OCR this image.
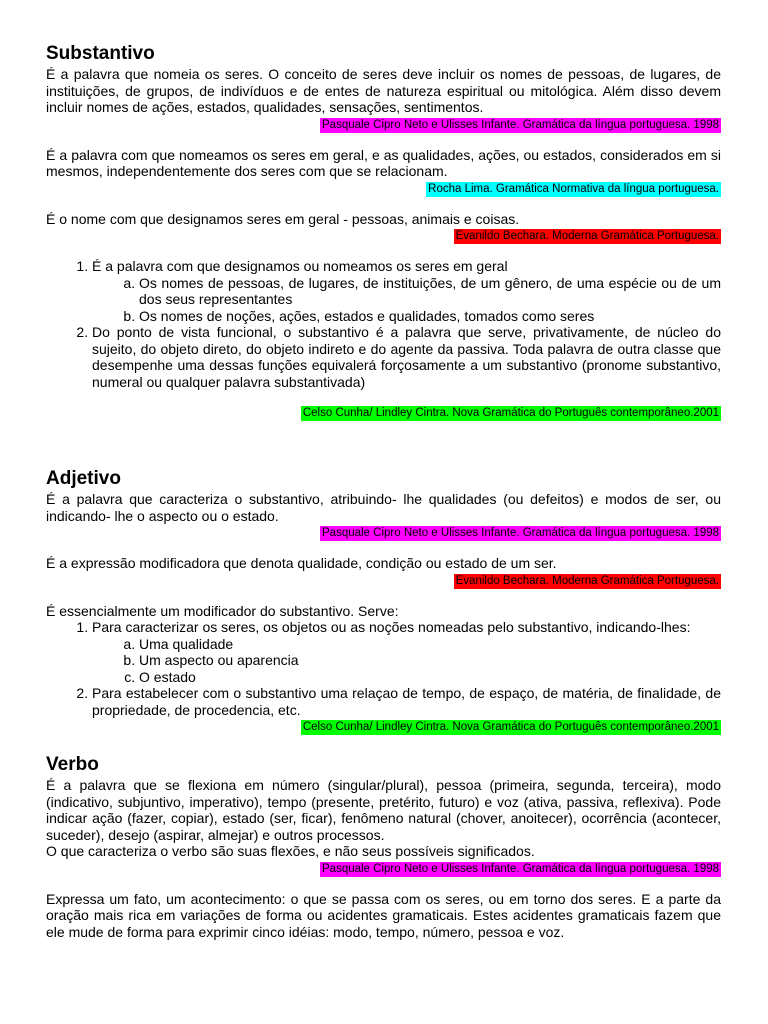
Substantivo

É a palavra que nomeia os seres. O conceito de seres deve incluir os nomes de pessoas, de lugares, de instituições, de grupos, de indivíduos e de entes de natureza espiritual ou mitológica. Além disso devem incluir nomes de ações, estados, qualidades, sensações, sentimentos.

Pasquale Cipro Neto e Ulisses Infante. Gramática da língua portuguesa. 1998

É a palavra com que nomeamos os seres em geral, e as qualidades, ações, ou estados, considerados em si mesmos, independentemente dos seres com que se relacionam.

Rocha Lima. Gramática Normativa da língua portuguesa.

É o nome com que designamos seres em geral - pessoas, animais e coisas.

Evanildo Bechara. Moderna Gramática Portuguesa.
1. É a palavra com que designamos ou nomeamos os seres em geral
a. Os nomes de pessoas, de lugares, de instituições, de um gênero, de uma espécie ou de um dos seus representantes
b. Os nomes de noções, ações, estados e qualidades, tomados como seres
2. Do ponto de vista funcional, o substantivo é a palavra que serve, privativamente, de núcleo do sujeito, do objeto direto, do objeto indireto e do agente da passiva. Toda palavra de outra classe que desempenhe uma dessas funções equivalerá forçosamente a um substantivo (pronome substantivo, numeral ou qualquer palavra substantivada)
Celso Cunha/ Lindley Cintra. Nova Gramática do Português contemporâneo.2001
Adjetivo

É a palavra que caracteriza o substantivo, atribuindo- lhe qualidades (ou defeitos) e modos de ser, ou indicando- lhe o aspecto ou o estado.

Pasquale Cipro Neto e Ulisses Infante. Gramática da língua portuguesa. 1998

É a expressão modificadora que denota qualidade, condição ou estado de um ser.

Evanildo Bechara. Moderna Gramática Portuguesa.

É essencialmente um modificador do substantivo. Serve:

1. Para caracterizar os seres, os objetos ou as noções nomeadas pelo substantivo, indicando-lhes:
a. Uma qualidade
b. Um aspecto ou aparencia
c. O estado
2. Para estabelecer com o substantivo uma relaçao de tempo, de espaço, de matéria, de finalidade, de propriedade, de procedencia, etc.
Celso Cunha/ Lindley Cintra. Nova Gramática do Português contemporâneo.2001
Verbo

É a palavra que se flexiona em número (singular/plural), pessoa (primeira, segunda, terceira), modo (indicativo, subjuntivo, imperativo), tempo (presente, pretérito, futuro) e voz (ativa, passiva, reflexiva). Pode indicar ação (fazer, copiar), estado (ser, ficar), fenômeno natural (chover, anoitecer), ocorrência (acontecer, suceder), desejo (aspirar, almejar) e outros processos.

O que caracteriza o verbo são suas flexões, e não seus possíveis significados.

Pasquale Cipro Neto e Ulisses Infante. Gramática da língua portuguesa. 1998

Expressa um fato, um acontecimento: o que se passa com os seres, ou em torno dos seres. E a parte da oração mais rica em variações de forma ou acidentes gramaticais. Estes acidentes gramaticais fazem que ele mude de forma para exprimir cinco idéias: modo, tempo, número, pessoa e voz.
